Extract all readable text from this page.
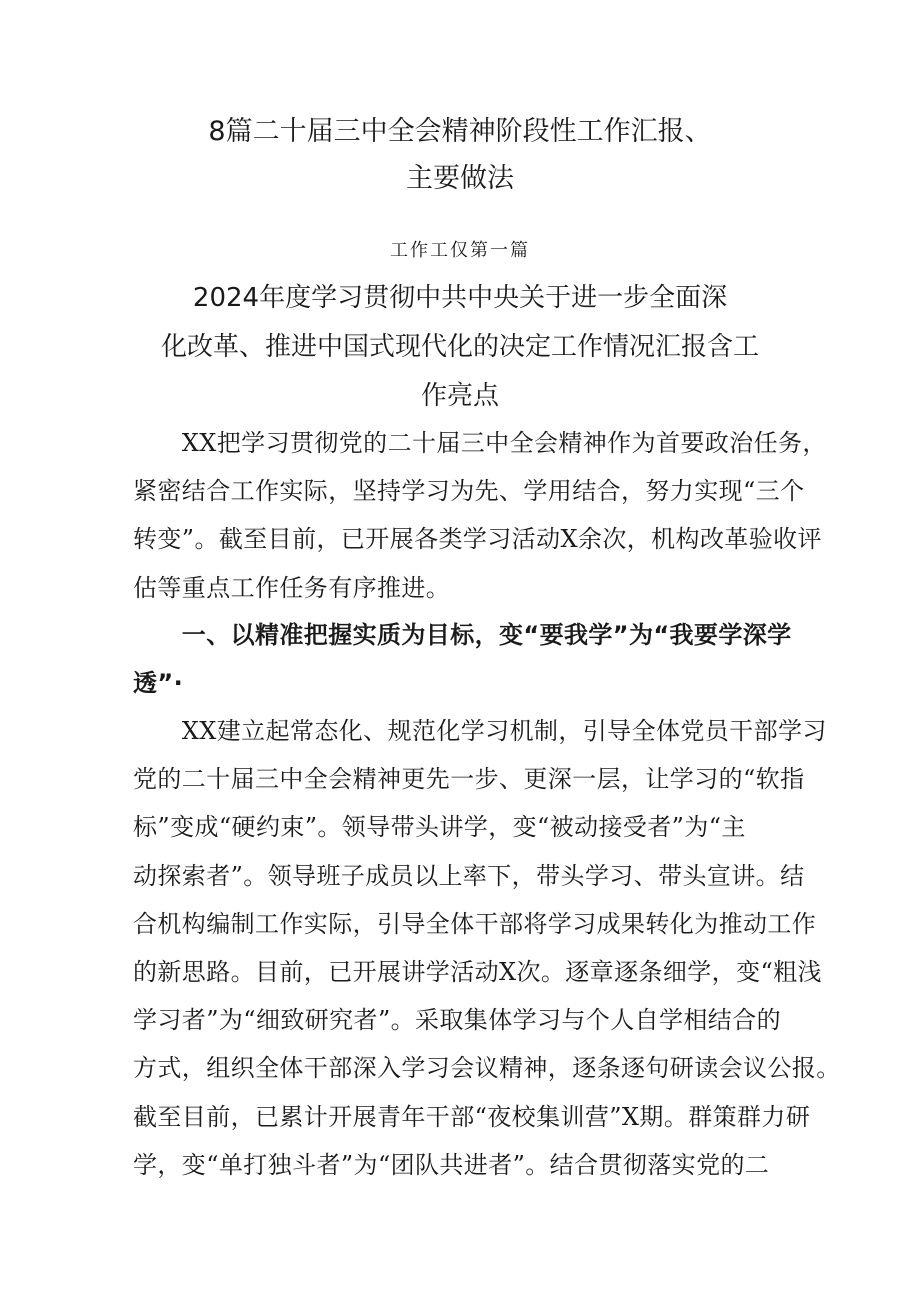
8篇二十届三中全会精神阶段性工作汇报、
主要做法
工作工仅第一篇
2024年度学习贯彻中共中央关于进一步全面深
化改革、推进中国式现代化的决定工作情况汇报含工
作亮点

　　XX把学习贯彻党的二十届三中全会精神作为首要政治任务，
紧密结合工作实际，坚持学习为先、学用结合，努力实现“三个
转变”。截至目前，已开展各类学习活动X余次，机构改革验收评
估等重点工作任务有序推进。

　　一、以精准把握实质为目标，变“要我学”为“我要学深学
透”·

　　XX建立起常态化、规范化学习机制，引导全体党员干部学习
党的二十届三中全会精神更先一步、更深一层，让学习的“软指
标”变成“硬约束”。领导带头讲学，变“被动接受者”为“主
动探索者”。领导班子成员以上率下，带头学习、带头宣讲。结
合机构编制工作实际，引导全体干部将学习成果转化为推动工作
的新思路。目前，已开展讲学活动X次。逐章逐条细学，变“粗浅
学习者”为“细致研究者”。采取集体学习与个人自学相结合的
方式，组织全体干部深入学习会议精神，逐条逐句研读会议公报。
截至目前，已累计开展青年干部“夜校集训营”X期。群策群力研
学，变“单打独斗者”为“团队共进者”。结合贯彻落实党的二
